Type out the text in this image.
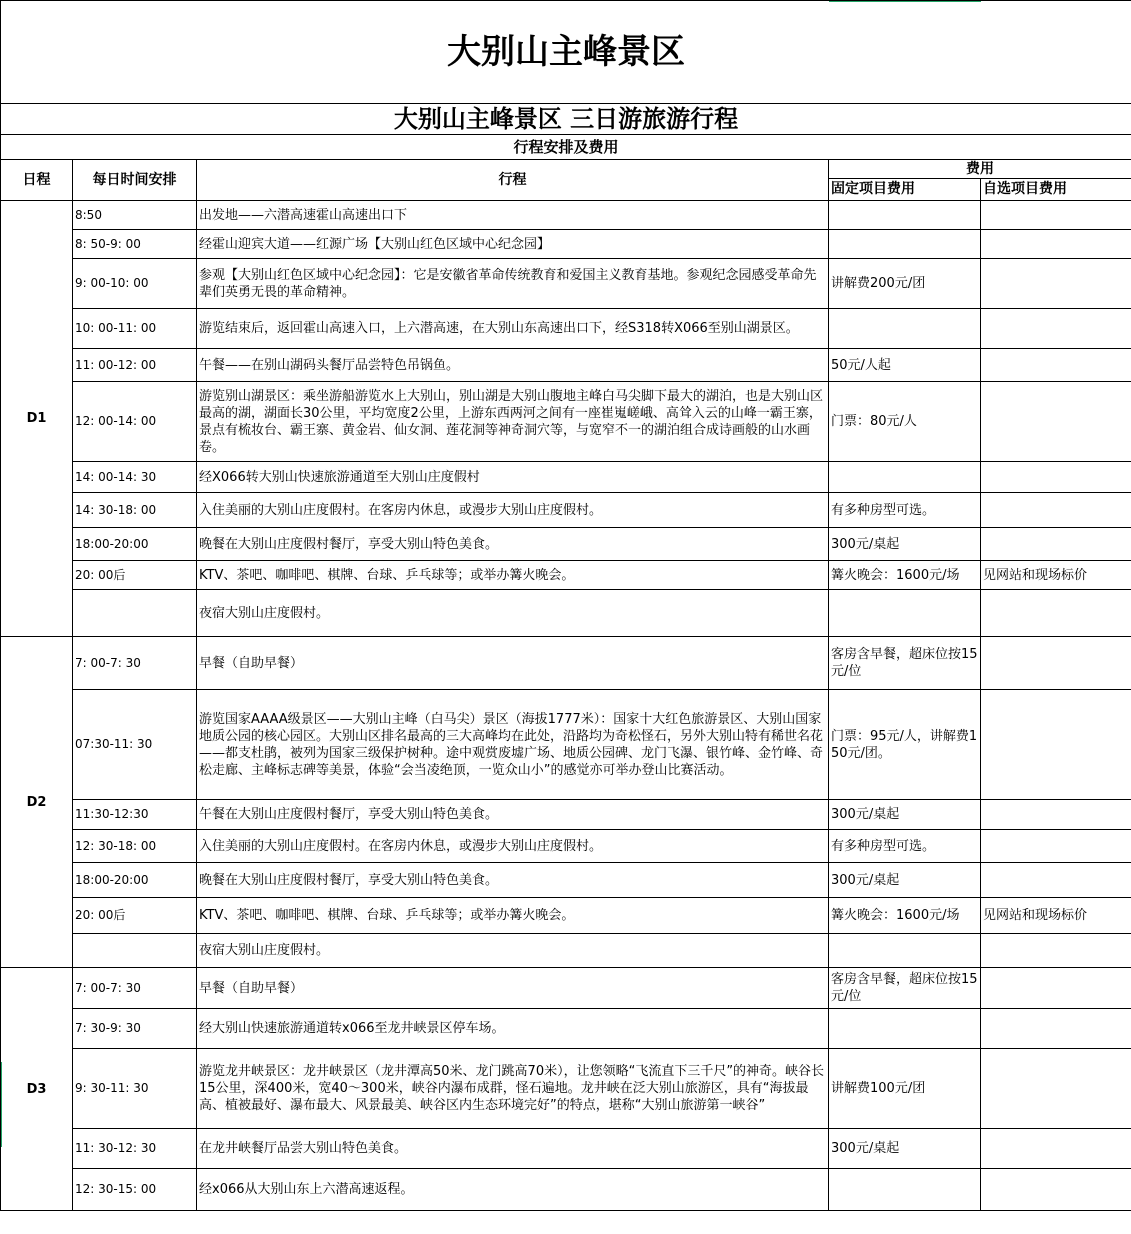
大别山主峰景区				
大别山主峰景区 三日游旅游行程				
行程安排及费用				
日程	每日时间安排	行程	费用	
			固定项目费用	自选项目费用
D1	8:50	出发地——六潜高速霍山高速出口下		
	8: 50-9: 00	经霍山迎宾大道——红源广场【大别山红色区域中心纪念园】		
	9: 00-10: 00	参观【大别山红色区域中心纪念园】：它是安徽省革命传统教育和爱国主义教育基地。参观纪念园感受革命先辈们英勇无畏的革命精神。	讲解费200元/团	
	10: 00-11: 00	游览结束后，返回霍山高速入口，上六潜高速，在大别山东高速出口下，经S318转X066至别山湖景区。		
	11: 00-12: 00	午餐——在别山湖码头餐厅品尝特色吊锅鱼。	50元/人起	
	12: 00-14: 00	游览别山湖景区：乘坐游船游览水上大别山，别山湖是大别山腹地主峰白马尖脚下最大的湖泊，也是大别山区最高的湖，湖面长30公里，平均宽度2公里，上游东西两河之间有一座崔嵬嵯峨、高耸入云的山峰一霸王寨，景点有梳妆台、霸王寨、黄金岩、仙女洞、莲花洞等神奇洞穴等，与宽窄不一的湖泊组合成诗画般的山水画卷。	门票：80元/人	
	14: 00-14: 30	经X066转大别山快速旅游通道至大别山庄度假村		
	14: 30-18: 00	入住美丽的大别山庄度假村。在客房内休息，或漫步大别山庄度假村。	有多种房型可选。	
	18:00-20:00	晚餐在大别山庄度假村餐厅，享受大别山特色美食。	300元/桌起	
	20: 00后	KTV、茶吧、咖啡吧、棋牌、台球、乒乓球等；或举办篝火晚会。	篝火晚会：1600元/场	见网站和现场标价
		夜宿大别山庄度假村。		
D2	7: 00-7: 30	早餐（自助早餐）	客房含早餐，超床位按15元/位	
	07:30-11: 30	游览国家AAAA级景区——大别山主峰（白马尖）景区（海拔1777米）：国家十大红色旅游景区、大别山国家地质公园的核心园区。大别山区排名最高的三大高峰均在此处，沿路均为奇松怪石，另外大别山特有稀世名花——都支杜鹃，被列为国家三级保护树种。途中观赏废墟广场、地质公园碑、龙门飞瀑、银竹峰、金竹峰、奇松走廊、主峰标志碑等美景，体验“会当凌绝顶，一览众山小”的感觉亦可举办登山比赛活动。	门票：95元/人，讲解费150元/团。	
	11:30-12:30	午餐在大别山庄度假村餐厅，享受大别山特色美食。	300元/桌起	
	12: 30-18: 00	入住美丽的大别山庄度假村。在客房内休息，或漫步大别山庄度假村。	有多种房型可选。	
	18:00-20:00	晚餐在大别山庄度假村餐厅，享受大别山特色美食。	300元/桌起	
	20: 00后	KTV、茶吧、咖啡吧、棋牌、台球、乒乓球等；或举办篝火晚会。	篝火晚会：1600元/场	见网站和现场标价
		夜宿大别山庄度假村。		
D3	7: 00-7: 30	早餐（自助早餐）	客房含早餐，超床位按15元/位	
	7: 30-9: 30	经大别山快速旅游通道转x066至龙井峡景区停车场。		
	9: 30-11: 30	游览龙井峡景区：龙井峡景区（龙井潭高50米、龙门跳高70米），让您领略“飞流直下三千尺”的神奇。峡谷长15公里，深400米，宽40～300米，峡谷内瀑布成群，怪石遍地。龙井峡在泛大别山旅游区，具有“海拔最高、植被最好、瀑布最大、风景最美、峡谷区内生态环境完好”的特点，堪称“大别山旅游第一峡谷”	讲解费100元/团	
	11: 30-12: 30	在龙井峡餐厅品尝大别山特色美食。	300元/桌起	
	12: 30-15: 00	经x066从大别山东上六潜高速返程。		
